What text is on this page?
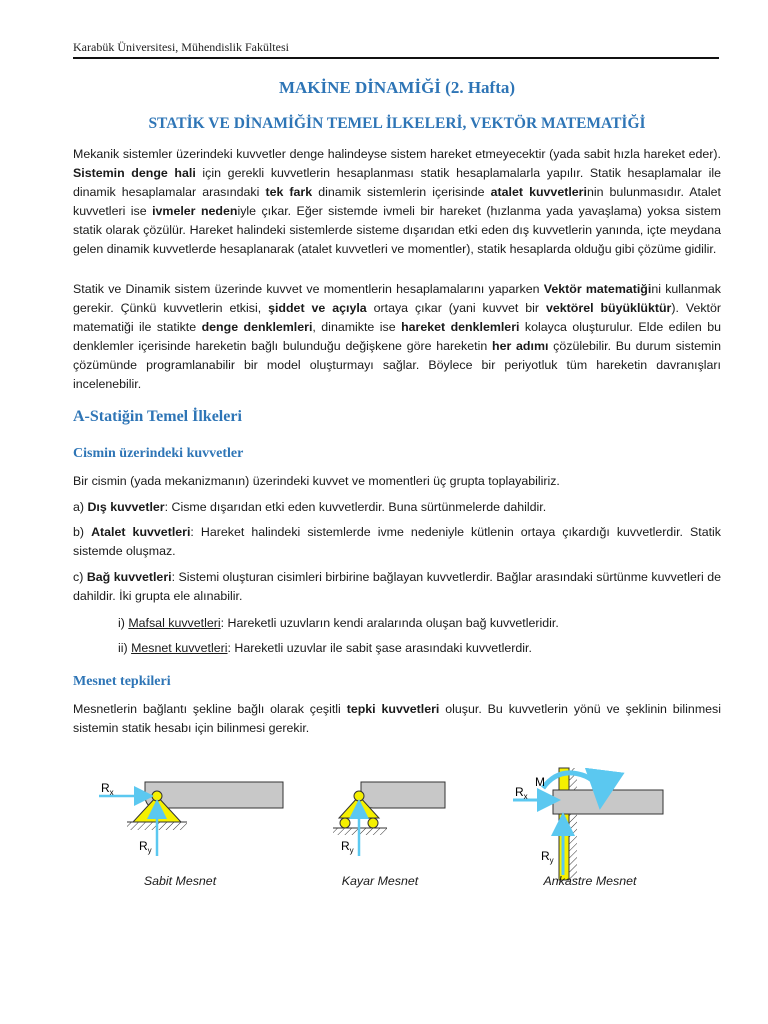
Karabük Üniversitesi, Mühendislik Fakültesi
MAKİNE DİNAMİĞİ (2. Hafta)
STATİK VE DİNAMİĞİN TEMEL İLKELERİ, VEKTÖR MATEMATİĞİ

Mekanik sistemler üzerindeki kuvvetler denge halindeyse sistem hareket etmeyecektir (yada sabit hızla hareket eder). Sistemin denge hali için gerekli kuvvetlerin hesaplanması statik hesaplamalarla yapılır. Statik hesaplamalar ile dinamik hesaplamalar arasındaki tek fark dinamik sistemlerin içerisinde atalet kuvvetlerinin bulunmasıdır. Atalet kuvvetleri ise ivmeler nedeniyle çıkar. Eğer sistemde ivmeli bir hareket (hızlanma yada yavaşlama) yoksa sistem statik olarak çözülür. Hareket halindeki sistemlerde sisteme dışarıdan etki eden dış kuvvetlerin yanında, içte meydana gelen dinamik kuvvetlerde hesaplanarak (atalet kuvvetleri ve momentler), statik hesaplarda olduğu gibi çözüme gidilir.

Statik ve Dinamik sistem üzerinde kuvvet ve momentlerin hesaplamalarını yaparken Vektör matematiğini kullanmak gerekir. Çünkü kuvvetlerin etkisi, şiddet ve açıyla ortaya çıkar (yani kuvvet bir vektörel büyüklüktür). Vektör matematiği ile statikte denge denklemleri, dinamikte ise hareket denklemleri kolayca oluşturulur. Elde edilen bu denklemler içerisinde hareketin bağlı bulunduğu değişkene göre hareketin her adımı çözülebilir. Bu durum sistemin çözümünde programlanabilir bir model oluşturmayı sağlar. Böylece bir periyotluk tüm hareketin davranışları incelenebilir.

A-Statiğin Temel İlkeleri
Cismin üzerindeki kuvvetler

Bir cismin (yada mekanizmanın) üzerindeki kuvvet ve momentleri üç grupta toplayabiliriz.

a) Dış kuvvetler: Cisme dışarıdan etki eden kuvvetlerdir. Buna sürtünmelerde dahildir.

b) Atalet kuvvetleri: Hareket halindeki sistemlerde ivme nedeniyle kütlenin ortaya çıkardığı kuvvetlerdir. Statik sistemde oluşmaz.

c) Bağ kuvvetleri: Sistemi oluşturan cisimleri birbirine bağlayan kuvvetlerdir. Bağlar arasındaki sürtünme kuvvetleri de dahildir. İki grupta ele alınabilir.

i) Mafsal kuvvetleri: Hareketli uzuvların kendi aralarında oluşan bağ kuvvetleridir.

ii) Mesnet kuvvetleri: Hareketli uzuvlar ile sabit şase arasındaki kuvvetlerdir.

Mesnet tepkileri

Mesnetlerin bağlantı şekline bağlı olarak çeşitli tepki kuvvetleri oluşur. Bu kuvvetlerin yönü ve şeklinin bilinmesi sistemin statik hesabı için bilinmesi gerekir.

$R_x$
$R_y$	$R_y$
$R_x$
M
$R_y$
Sabit Mesnet	Kayar Mesnet	Ankastre Mesnet
